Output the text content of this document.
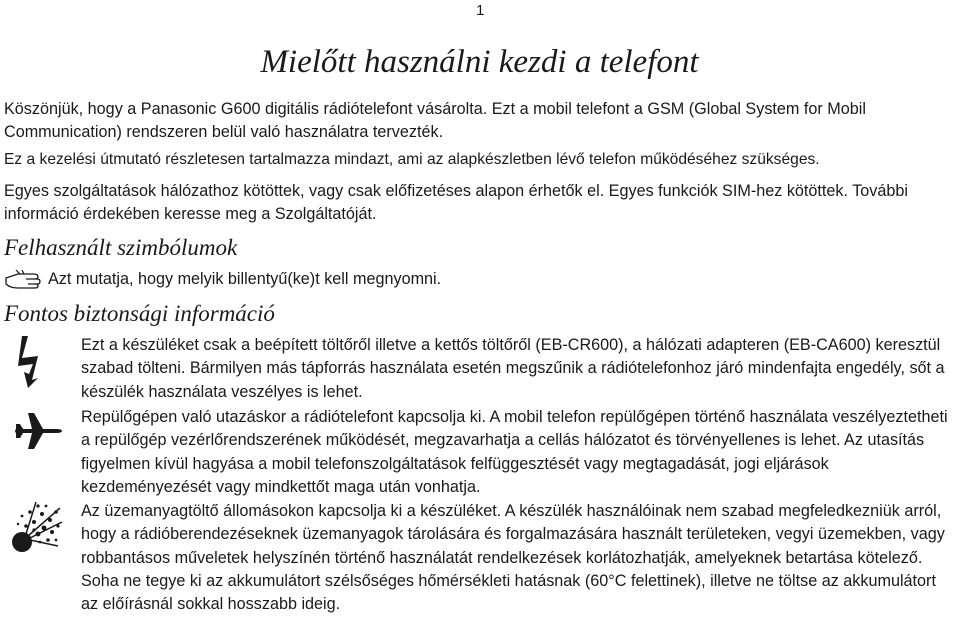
1
Mielőtt használni kezdi a telefont

Köszönjük, hogy a Panasonic G600 digitális rádiótelefont vásárolta. Ezt a mobil telefont a GSM (Global System for Mobil Communication) rendszeren belül való használatra tervezték.

Ez a kezelési útmutató részletesen tartalmazza mindazt, ami az alapkészletben lévő telefon működéséhez szükséges.

Egyes szolgáltatások hálózathoz kötöttek, vagy csak előfizetéses alapon érhetők el. Egyes funkciók SIM-hez kötöttek. További információ érdekében keresse meg a Szolgáltatóját.

Felhasznált szimbólumok
Azt mutatja, hogy melyik billentyű(ke)t kell megnyomni.
Fontos biztonsági információ

Ezt a készüléket csak a beépített töltőről illetve a kettős töltőről (EB-CR600), a hálózati adapteren (EB-CA600) keresztül szabad tölteni. Bármilyen más tápforrás használata esetén megszűnik a rádiótelefonhoz járó mindenfajta engedély, sőt a készülék használata veszélyes is lehet.

Repülőgépen való utazáskor a rádiótelefont kapcsolja ki. A mobil telefon repülőgépen történő használata veszélyeztetheti a repülőgép vezérlőrendszerének működését, megzavarhatja a cellás hálózatot és törvényellenes is lehet. Az utasítás figyelmen kívül hagyása a mobil telefonszolgáltatások felfüggesztését vagy megtagadását, jogi eljárások kezdeményezését vagy mindkettőt maga után vonhatja.

Az üzemanyagtöltő állomásokon kapcsolja ki a készüléket. A készülék használóinak nem szabad megfeledkezniük arról, hogy a rádióberendezéseknek üzemanyagok tárolására és forgalmazására használt területeken, vegyi üzemekben, vagy robbantásos műveletek helyszínén történő használatát rendelkezések korlátozhatják, amelyeknek betartása kötelező.
Soha ne tegye ki az akkumulátort szélsőséges hőmérsékleti hatásnak (60°C felettinek), illetve ne töltse az akkumulátort az előírásnál sokkal hosszabb ideig.
